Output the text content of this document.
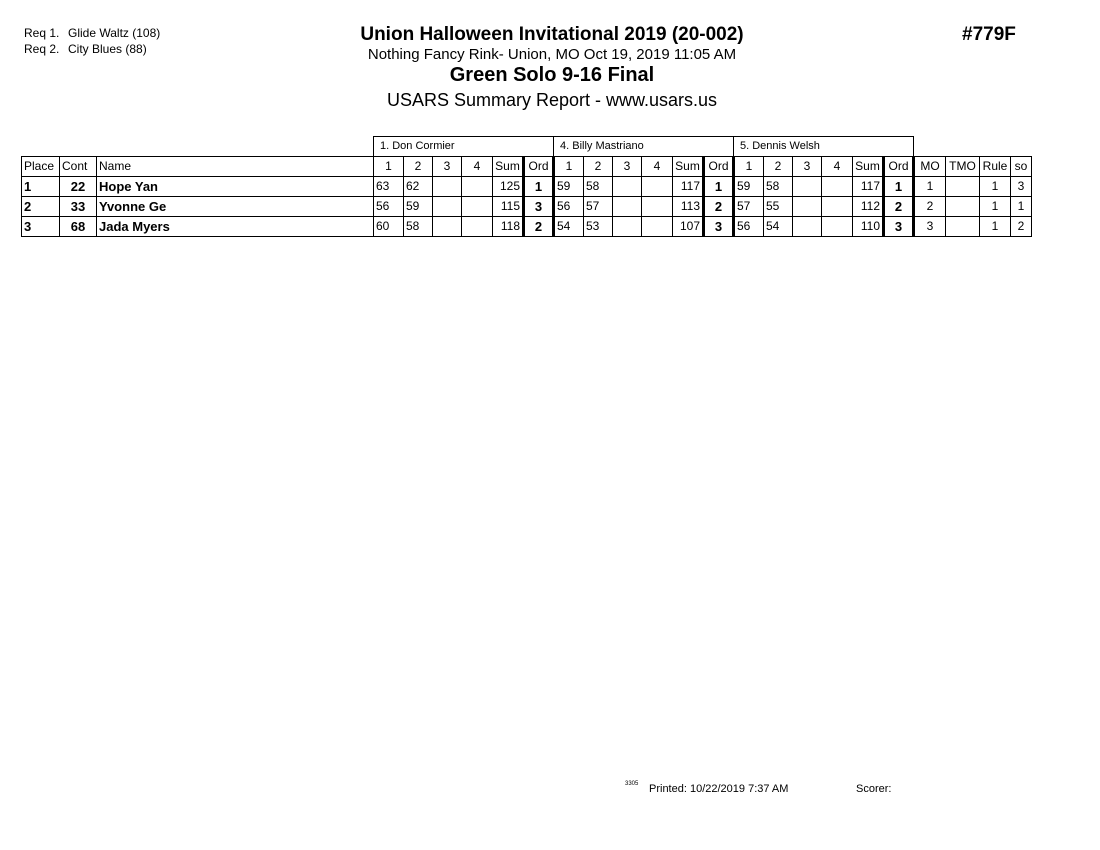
Req 1. Glide Waltz (108)
Req 2. City Blues (88)
Union Halloween Invitational 2019 (20-002)
Nothing Fancy Rink- Union, MO Oct 19, 2019 11:05 AM
Green Solo 9-16 Final
USARS Summary Report - www.usars.us
#779F
			1. Don Cormier						4. Billy Mastriano						5. Dennis Welsh									
Place	Cont	Name	1	2	3	4	Sum	Ord	1	2	3	4	Sum	Ord	1	2	3	4	Sum	Ord	MO	TMO	Rule	so
1	22	Hope Yan	63	62			125	1	59	58			117	1	59	58			117	1	1		1	3
2	33	Yvonne Ge	56	59			115	3	56	57			113	2	57	55			112	2	2		1	1
3	68	Jada Myers	60	58			118	2	54	53			107	3	56	54			110	3	3		1	2
3305 Printed: 10/22/2019 7:37 AM	Scorer:
